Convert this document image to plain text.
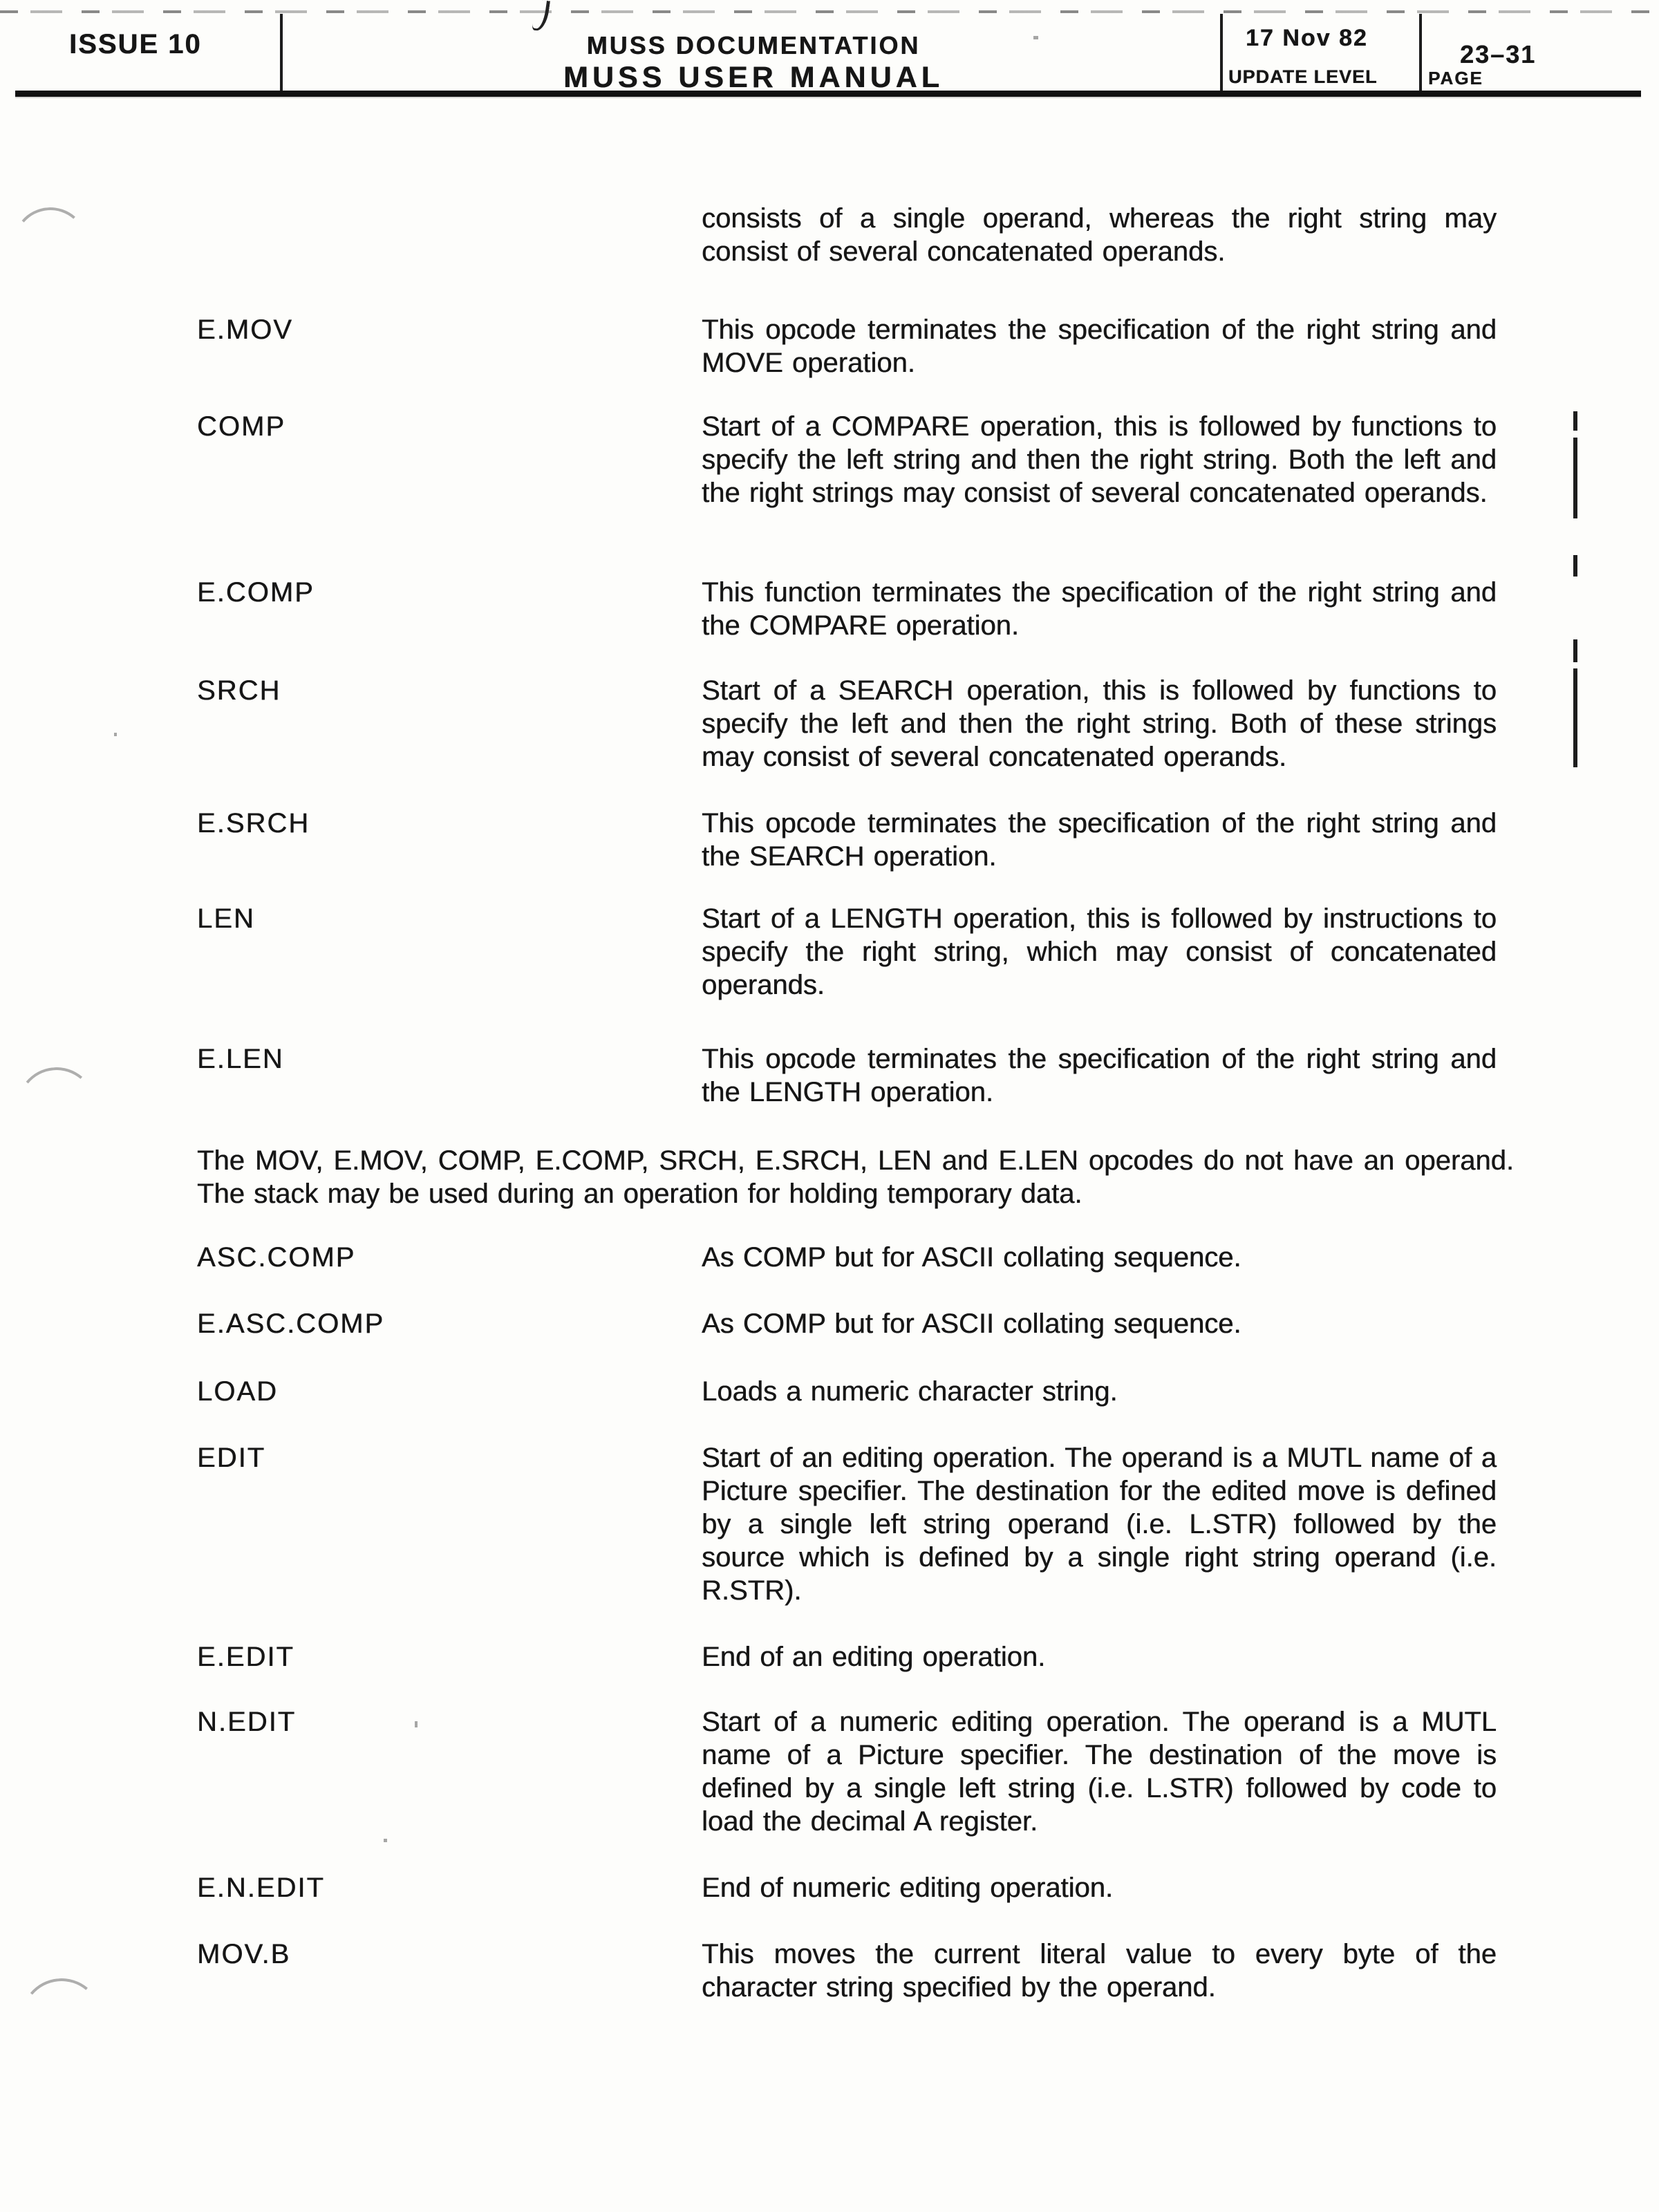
ISSUE 10	MUSS DOCUMENTATION
MUSS USER MANUAL
17 Nov 82
UPDATE LEVEL
23–31
PAGE
consists of a single operand, whereas the right string may consist of several concatenated operands.
E.MOV	This opcode terminates the specification of the right string and MOVE operation.
COMP	Start of a COMPARE operation, this is followed by functions to specify the left string and then the right string. Both the left and the right strings may consist of several concatenated operands.
E.COMP	This function terminates the specification of the right string and the COMPARE operation.
SRCH	Start of a SEARCH operation, this is followed by functions to specify the left and then the right string. Both of these strings may consist of several concatenated operands.
E.SRCH	This opcode terminates the specification of the right string and the SEARCH operation.
LEN	Start of a LENGTH operation, this is followed by instructions to specify the right string, which may consist of concatenated operands.
E.LEN	This opcode terminates the specification of the right string and the LENGTH operation.
The MOV, E.MOV, COMP, E.COMP, SRCH, E.SRCH, LEN and E.LEN opcodes do not have an operand. The stack may be used during an operation for holding temporary data.
ASC.COMP	As COMP but for ASCII collating sequence.
E.ASC.COMP	As COMP but for ASCII collating sequence.
LOAD	Loads a numeric character string.
EDIT	Start of an editing operation. The operand is a MUTL name of a Picture specifier. The destination for the edited move is defined by a single left string operand (i.e. L.STR) followed by the source which is defined by a single right string operand (i.e. R.STR).
E.EDIT	End of an editing operation.
N.EDIT	Start of a numeric editing operation. The operand is a MUTL name of a Picture specifier. The destination of the move is defined by a single left string (i.e. L.STR) followed by code to load the decimal A register.
E.N.EDIT	End of numeric editing operation.
MOV.B	This moves the current literal value to every byte of the character string specified by the operand.
